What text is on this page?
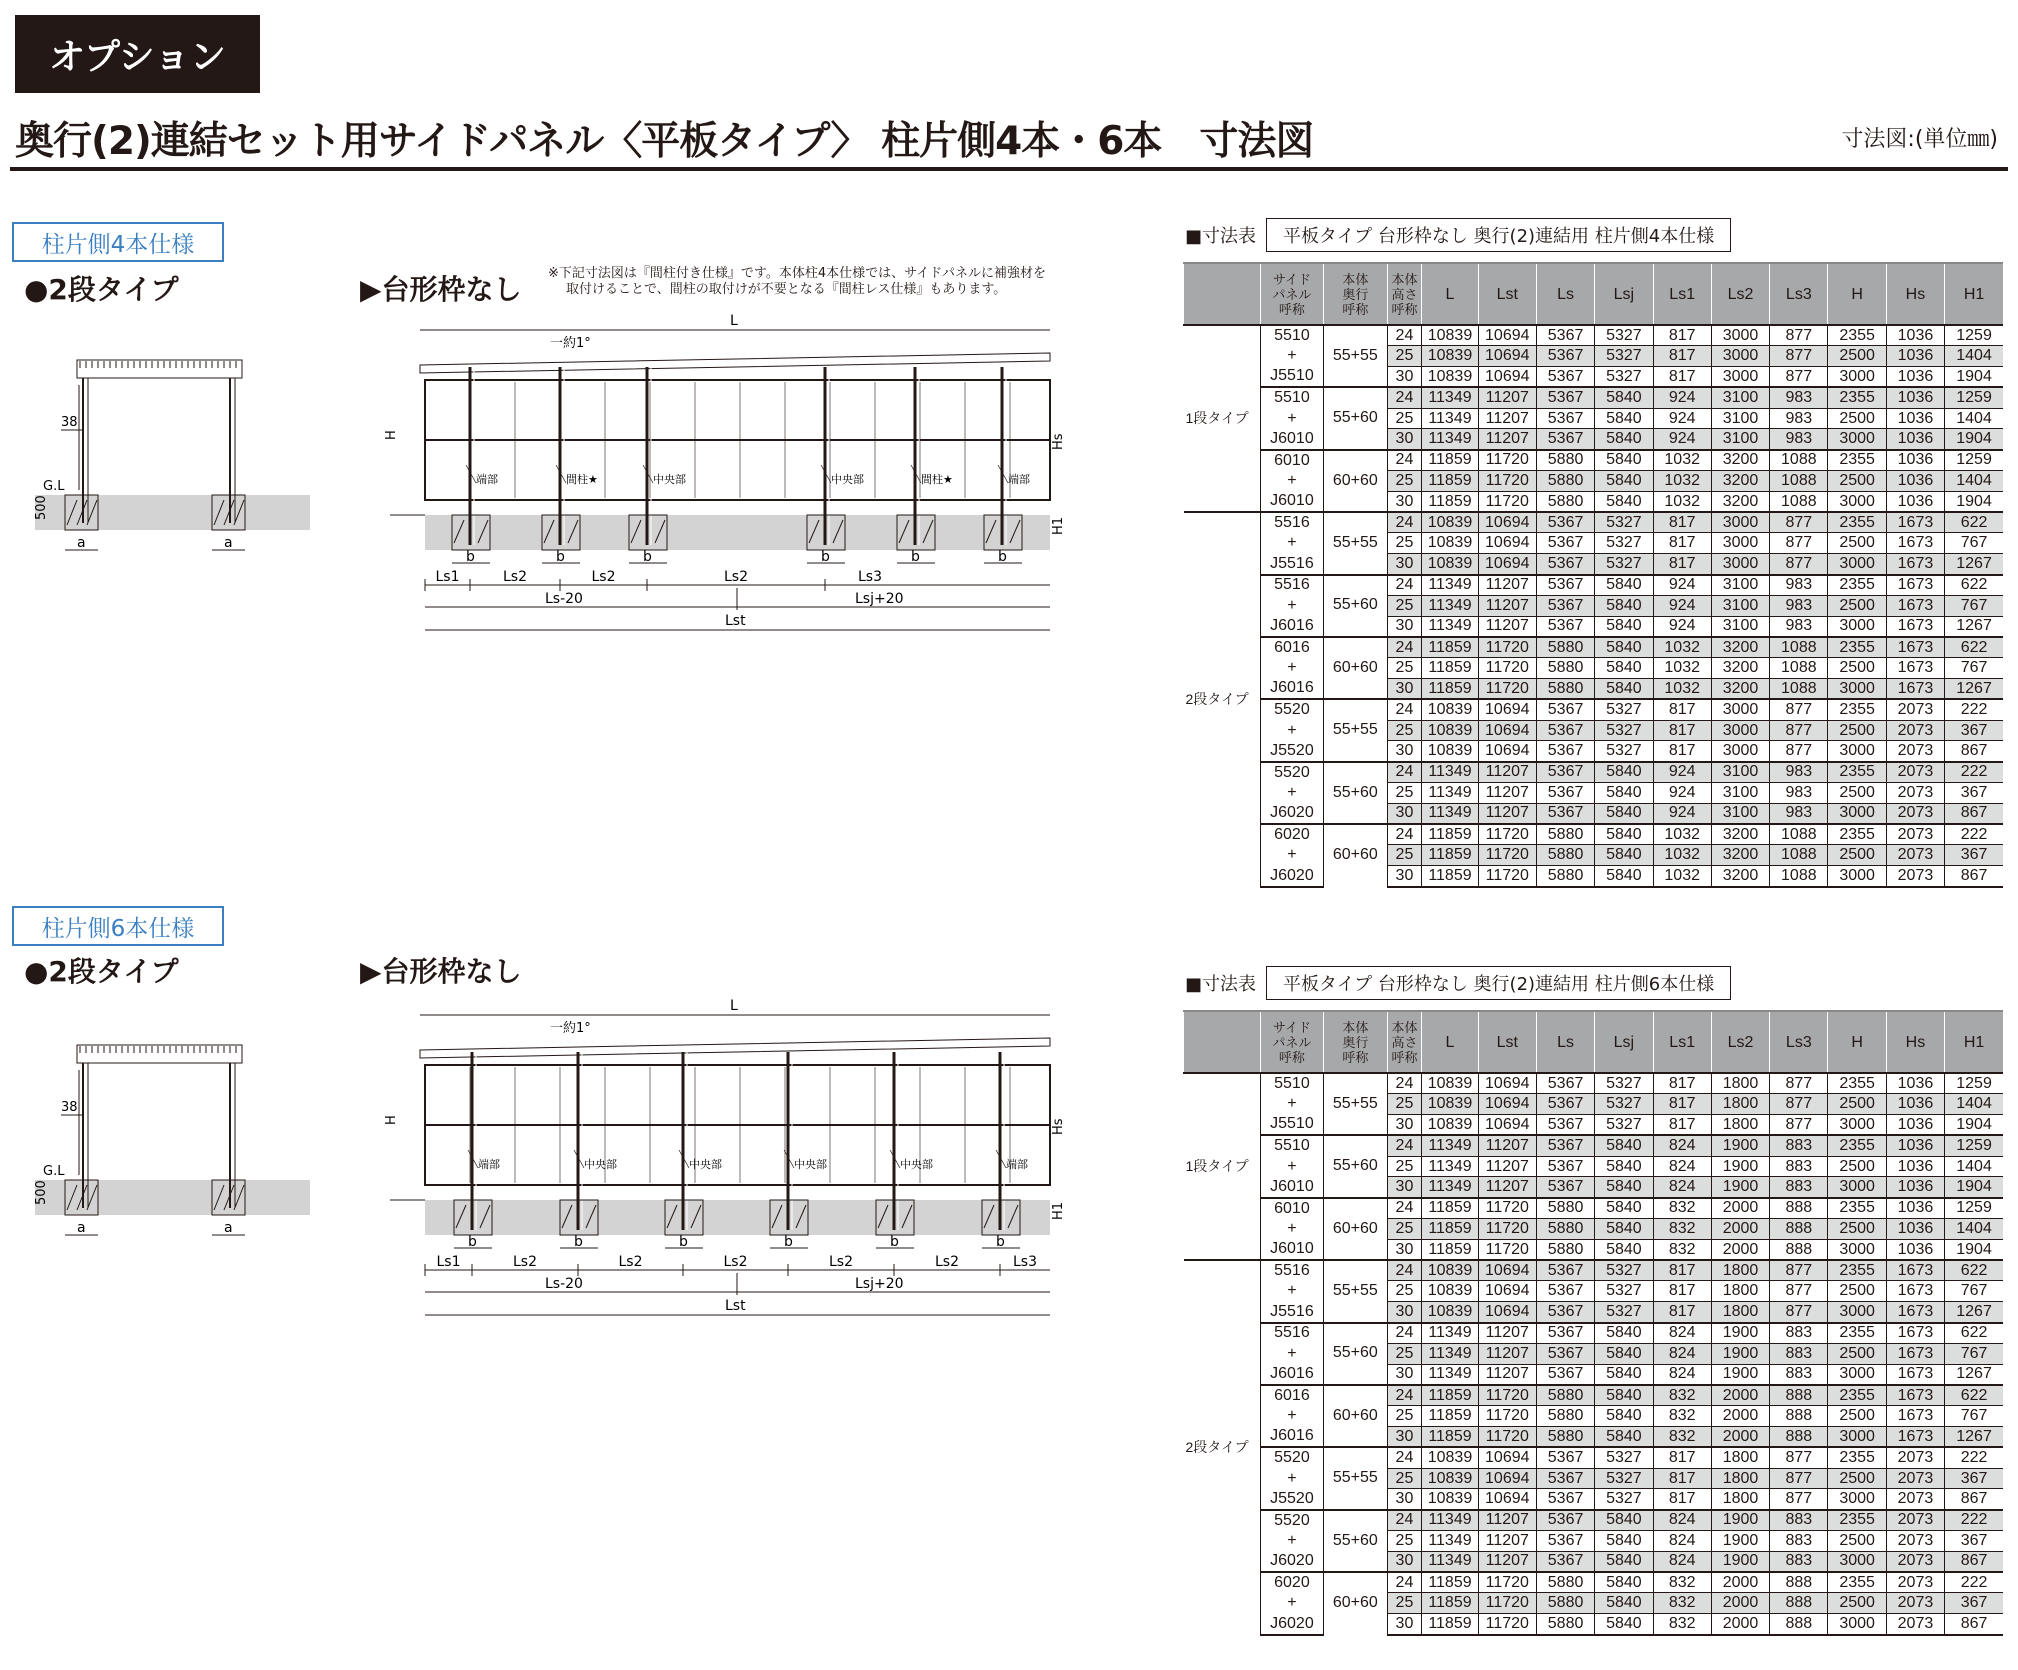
オプション
奥行(2)連結セット用サイドパネル〈平板タイプ〉 柱片側4本・6本　寸法図	寸法図:(単位㎜)
柱片側4本仕様
●2段タイプ	▶台形枠なし ※下記寸法図は『間柱付き仕様』です。本体柱4本仕様では、サイドパネルに補強材を
取付けることで、間柱の取付けが不要となる『間柱レス仕様』もあります。
柱片側6本仕様
●2段タイプ	▶台形枠なし
38
G.L
500
a	a
L
一約1°
端部
b
間柱★
b
中央部
b
中央部
b
間柱★
b
端部
b
H	Hs
H1
Ls1	Ls2	Ls2	Ls2	Ls3
Ls-20	Lsj+20
Lst
38
G.L
500
a	a
L
一約1°
端部
b
中央部
b
中央部
b
中央部
b
中央部
b
端部
b
H	Hs
H1
Ls1	Ls2	Ls2	Ls2	Ls2	Ls2	Ls3
Ls-20	Lsj+20
Lst
■寸法表	平板タイプ 台形枠なし 奥行(2)連結用 柱片側4本仕様
■寸法表	平板タイプ 台形枠なし 奥行(2)連結用 柱片側6本仕様
	サイド
パネル
呼称	本体
奥行
呼称	本体
高さ
呼称	L	Lst	Ls	Lsj	Ls1	Ls2	Ls3	H	Hs	H1
1段タイプ	5510	55+55	24	10839	10694	5367	5327	817	3000	877	2355	1036	1259
	+		25	10839	10694	5367	5327	817	3000	877	2500	1036	1404
	J5510		30	10839	10694	5367	5327	817	3000	877	3000	1036	1904
	5510	55+60	24	11349	11207	5367	5840	924	3100	983	2355	1036	1259
	+		25	11349	11207	5367	5840	924	3100	983	2500	1036	1404
	J6010		30	11349	11207	5367	5840	924	3100	983	3000	1036	1904
	6010	60+60	24	11859	11720	5880	5840	1032	3200	1088	2355	1036	1259
	+		25	11859	11720	5880	5840	1032	3200	1088	2500	1036	1404
	J6010		30	11859	11720	5880	5840	1032	3200	1088	3000	1036	1904
2段タイプ	5516	55+55	24	10839	10694	5367	5327	817	3000	877	2355	1673	622
	+		25	10839	10694	5367	5327	817	3000	877	2500	1673	767
	J5516		30	10839	10694	5367	5327	817	3000	877	3000	1673	1267
	5516	55+60	24	11349	11207	5367	5840	924	3100	983	2355	1673	622
	+		25	11349	11207	5367	5840	924	3100	983	2500	1673	767
	J6016		30	11349	11207	5367	5840	924	3100	983	3000	1673	1267
	6016	60+60	24	11859	11720	5880	5840	1032	3200	1088	2355	1673	622
	+		25	11859	11720	5880	5840	1032	3200	1088	2500	1673	767
	J6016		30	11859	11720	5880	5840	1032	3200	1088	3000	1673	1267
	5520	55+55	24	10839	10694	5367	5327	817	3000	877	2355	2073	222
	+		25	10839	10694	5367	5327	817	3000	877	2500	2073	367
	J5520		30	10839	10694	5367	5327	817	3000	877	3000	2073	867
	5520	55+60	24	11349	11207	5367	5840	924	3100	983	2355	2073	222
	+		25	11349	11207	5367	5840	924	3100	983	2500	2073	367
	J6020		30	11349	11207	5367	5840	924	3100	983	3000	2073	867
	6020	60+60	24	11859	11720	5880	5840	1032	3200	1088	2355	2073	222
	+		25	11859	11720	5880	5840	1032	3200	1088	2500	2073	367
	J6020		30	11859	11720	5880	5840	1032	3200	1088	3000	2073	867
	サイド
パネル
呼称	本体
奥行
呼称	本体
高さ
呼称	L	Lst	Ls	Lsj	Ls1	Ls2	Ls3	H	Hs	H1
1段タイプ	5510	55+55	24	10839	10694	5367	5327	817	1800	877	2355	1036	1259
	+		25	10839	10694	5367	5327	817	1800	877	2500	1036	1404
	J5510		30	10839	10694	5367	5327	817	1800	877	3000	1036	1904
	5510	55+60	24	11349	11207	5367	5840	824	1900	883	2355	1036	1259
	+		25	11349	11207	5367	5840	824	1900	883	2500	1036	1404
	J6010		30	11349	11207	5367	5840	824	1900	883	3000	1036	1904
	6010	60+60	24	11859	11720	5880	5840	832	2000	888	2355	1036	1259
	+		25	11859	11720	5880	5840	832	2000	888	2500	1036	1404
	J6010		30	11859	11720	5880	5840	832	2000	888	3000	1036	1904
2段タイプ	5516	55+55	24	10839	10694	5367	5327	817	1800	877	2355	1673	622
	+		25	10839	10694	5367	5327	817	1800	877	2500	1673	767
	J5516		30	10839	10694	5367	5327	817	1800	877	3000	1673	1267
	5516	55+60	24	11349	11207	5367	5840	824	1900	883	2355	1673	622
	+		25	11349	11207	5367	5840	824	1900	883	2500	1673	767
	J6016		30	11349	11207	5367	5840	824	1900	883	3000	1673	1267
	6016	60+60	24	11859	11720	5880	5840	832	2000	888	2355	1673	622
	+		25	11859	11720	5880	5840	832	2000	888	2500	1673	767
	J6016		30	11859	11720	5880	5840	832	2000	888	3000	1673	1267
	5520	55+55	24	10839	10694	5367	5327	817	1800	877	2355	2073	222
	+		25	10839	10694	5367	5327	817	1800	877	2500	2073	367
	J5520		30	10839	10694	5367	5327	817	1800	877	3000	2073	867
	5520	55+60	24	11349	11207	5367	5840	824	1900	883	2355	2073	222
	+		25	11349	11207	5367	5840	824	1900	883	2500	2073	367
	J6020		30	11349	11207	5367	5840	824	1900	883	3000	2073	867
	6020	60+60	24	11859	11720	5880	5840	832	2000	888	2355	2073	222
	+		25	11859	11720	5880	5840	832	2000	888	2500	2073	367
	J6020		30	11859	11720	5880	5840	832	2000	888	3000	2073	867
